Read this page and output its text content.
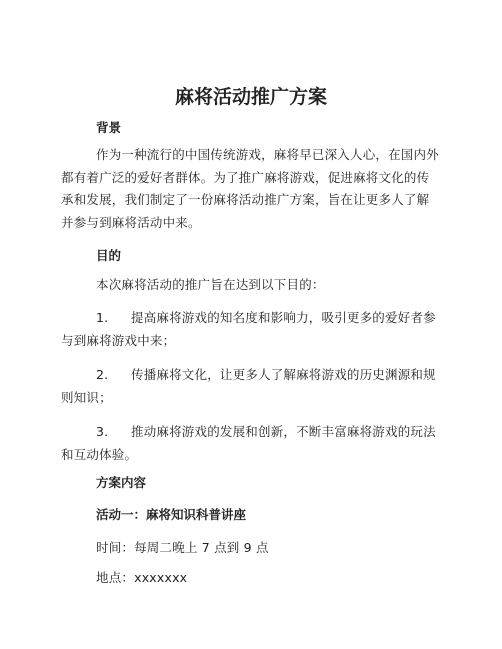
麻将活动推广方案
背景
作为一种流行的中国传统游戏，麻将早已深入人心，在国内外都有着广泛的爱好者群体。为了推广麻将游戏，促进麻将文化的传承和发展，我们制定了一份麻将活动推广方案，旨在让更多人了解并参与到麻将活动中来。
目的
本次麻将活动的推广旨在达到以下目的：
1. 提高麻将游戏的知名度和影响力，吸引更多的爱好者参与到麻将游戏中来；
2. 传播麻将文化，让更多人了解麻将游戏的历史渊源和规则知识；
3. 推动麻将游戏的发展和创新，不断丰富麻将游戏的玩法和互动体验。
方案内容
活动一：麻将知识科普讲座
时间：每周二晚上 7 点到 9 点
地点：xxxxxxx
